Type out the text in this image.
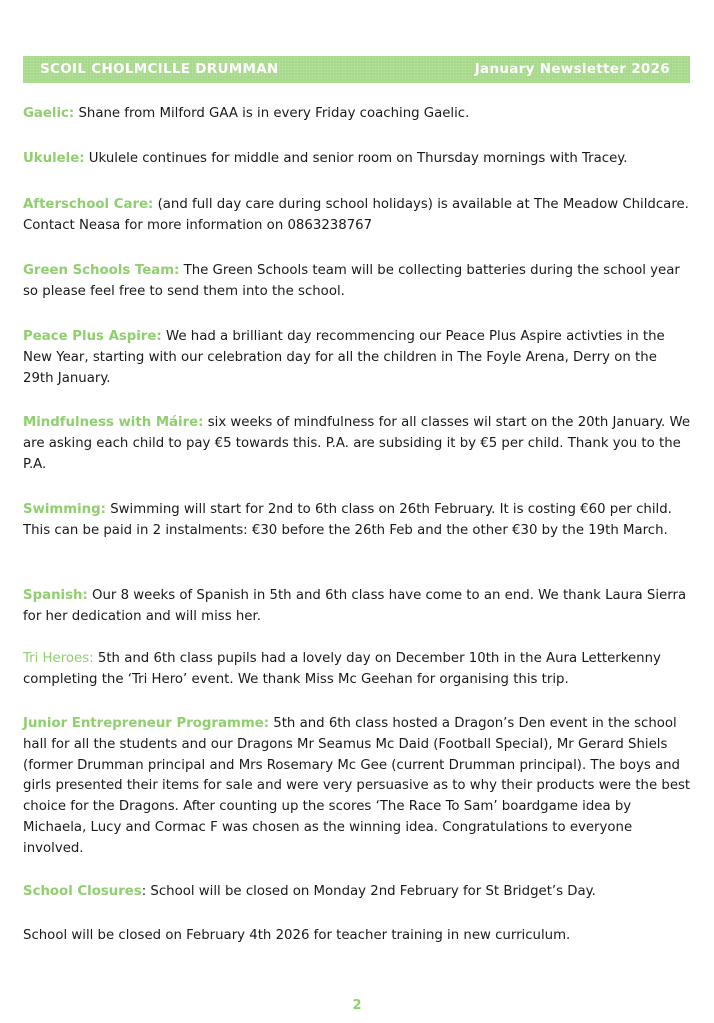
SCOIL CHOLMCILLE DRUMMAN	January Newsletter 2026

Gaelic: Shane from Milford GAA is in every Friday coaching Gaelic.

Ukulele: Ukulele continues for middle and senior room on Thursday mornings with Tracey.

Afterschool Care: (and full day care during school holidays) is available at The Meadow Childcare. Contact Neasa for more information on 0863238767

Green Schools Team: The Green Schools team will be collecting batteries during the school year so please feel free to send them into the school.

Peace Plus Aspire: We had a brilliant day recommencing our Peace Plus Aspire activties in the New Year, starting with our celebration day for all the children in The Foyle Arena, Derry on the 29th January.

Mindfulness with Máire: six weeks of mindfulness for all classes wil start on the 20th January. We are asking each child to pay €5 towards this. P.A. are subsiding it by €5 per child. Thank you to the P.A.

Swimming: Swimming will start for 2nd to 6th class on 26th February. It is costing €60 per child. This can be paid in 2 instalments: €30 before the 26th Feb and the other €30 by the 19th March.

Spanish: Our 8 weeks of Spanish in 5th and 6th class have come to an end. We thank Laura Sierra for her dedication and will miss her.

Tri Heroes: 5th and 6th class pupils had a lovely day on December 10th in the Aura Letterkenny completing the ‘Tri Hero’ event. We thank Miss Mc Geehan for organising this trip.

Junior Entrepreneur Programme: 5th and 6th class hosted a Dragon’s Den event in the school hall for all the students and our Dragons Mr Seamus Mc Daid (Football Special), Mr Gerard Shiels (former Drumman principal and Mrs Rosemary Mc Gee (current Drumman principal). The boys and girls presented their items for sale and were very persuasive as to why their products were the best choice for the Dragons. After counting up the scores ‘The Race To Sam’ boardgame idea by Michaela, Lucy and Cormac F was chosen as the winning idea. Congratulations to everyone involved.

School Closures: School will be closed on Monday 2nd February for St Bridget’s Day.

School will be closed on February 4th 2026 for teacher training in new curriculum.

2
